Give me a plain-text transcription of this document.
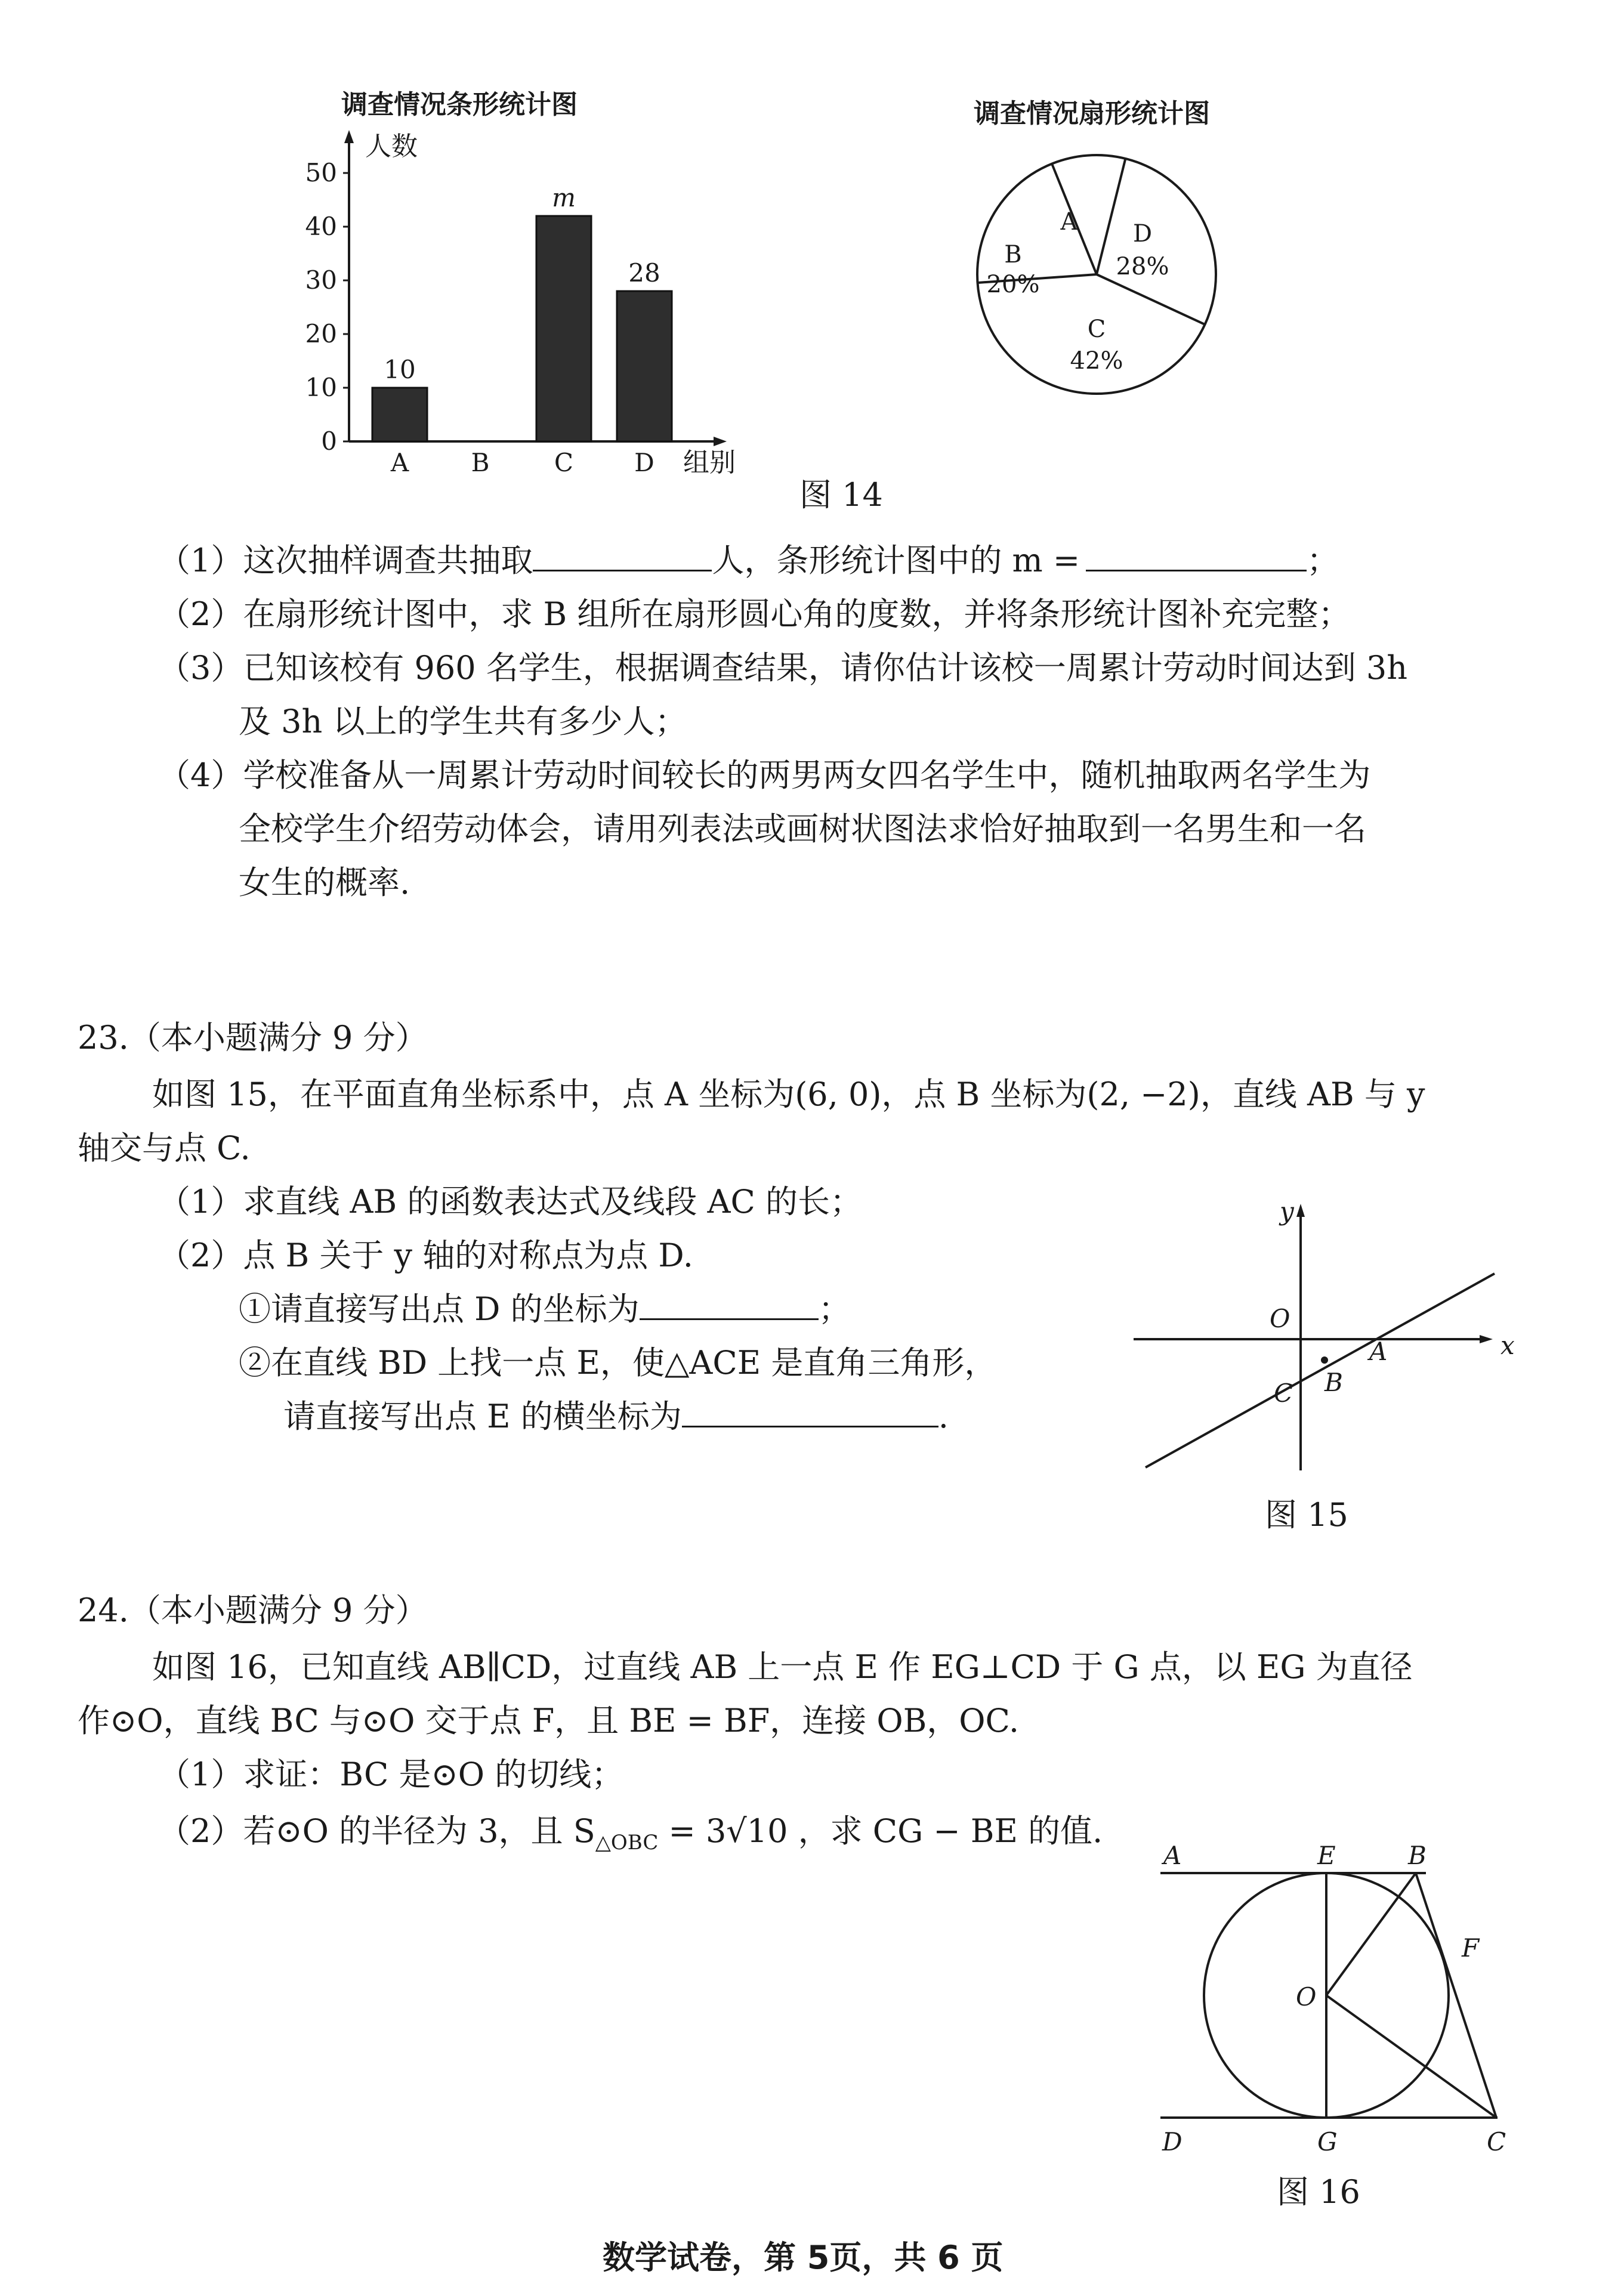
调查情况条形统计图
人数
组别
0
10
20
30
40
50
A B	C D
10
m
28
调查情况扇形统计图
A D
28%
B
20%
C
42%
图 14
（1）这次抽样调查共抽取	人，条形统计图中的 m =	；
（2）在扇形统计图中，求 B 组所在扇形圆心角的度数，并将条形统计图补充完整；
（3）已知该校有 960 名学生，根据调查结果，请你估计该校一周累计劳动时间达到 3h
及 3h 以上的学生共有多少人；
（4）学校准备从一周累计劳动时间较长的两男两女四名学生中，随机抽取两名学生为
全校学生介绍劳动体会，请用列表法或画树状图法求恰好抽取到一名男生和一名
女生的概率.
23.（本小题满分 9 分）
如图 15，在平面直角坐标系中，点 A 坐标为(6, 0)，点 B 坐标为(2, −2)，直线 AB 与 y
轴交与点 C.
（1）求直线 AB 的函数表达式及线段 AC 的长；
（2）点 B 关于 y 轴的对称点为点 D.
①请直接写出点 D 的坐标为	；
②在直线 BD 上找一点 E，使△ACE 是直角三角形，
请直接写出点 E 的横坐标为	.
y
x
O
A
B
C
图 15
24.（本小题满分 9 分）
如图 16，已知直线 AB∥CD，过直线 AB 上一点 E 作 EG⊥CD 于 G 点，以 EG 为直径
作⊙O，直线 BC 与⊙O 交于点 F，且 BE = BF，连接 OB，OC.
（1）求证：BC 是⊙O 的切线；
（2）若⊙O 的半径为 3，且 $S_{\triangle OBC} = 3√10$ ，求 CG − BE 的值.
A	E	B
F
O
D	G	C
图 16
数学试卷，第 5页，共 6 页
